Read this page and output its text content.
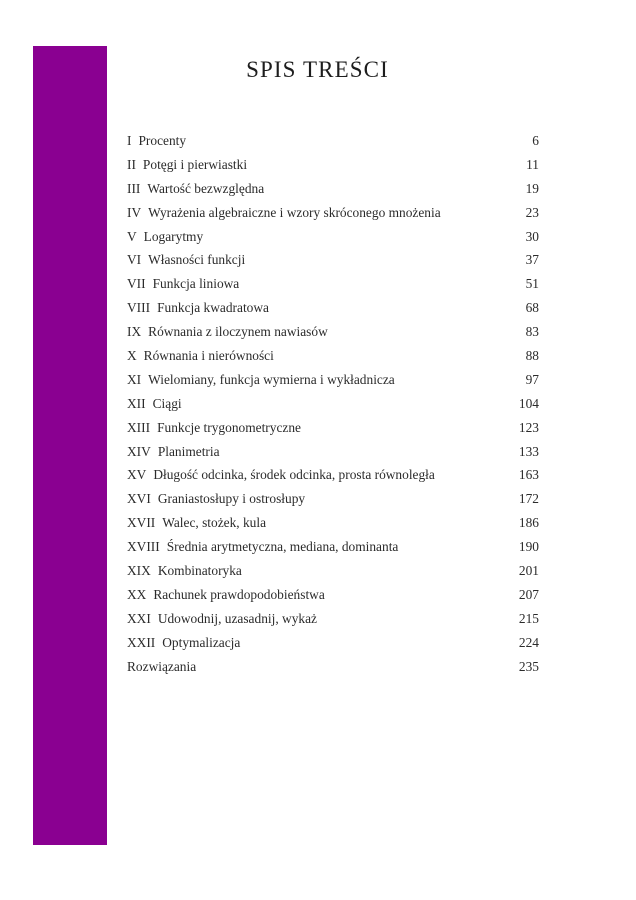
SPIS TREŚCI
I Procenty	6
II Potęgi i pierwiastki	11
III Wartość bezwzględna	19
IV Wyrażenia algebraiczne i wzory skróconego mnożenia	23
V Logarytmy	30
VI Własności funkcji	37
VII Funkcja liniowa	51
VIII Funkcja kwadratowa	68
IX Równania z iloczynem nawiasów	83
X Równania i nierówności	88
XI Wielomiany, funkcja wymierna i wykładnicza	97
XII Ciągi	104
XIII Funkcje trygonometryczne	123
XIV Planimetria	133
XV Długość odcinka, środek odcinka, prosta równoległa	163
XVI Graniastosłupy i ostrosłupy	172
XVII Walec, stożek, kula	186
XVIII Średnia arytmetyczna, mediana, dominanta	190
XIX Kombinatoryka	201
XX Rachunek prawdopodobieństwa	207
XXI Udowodnij, uzasadnij, wykaż	215
XXII Optymalizacja	224
Rozwiązania	235
